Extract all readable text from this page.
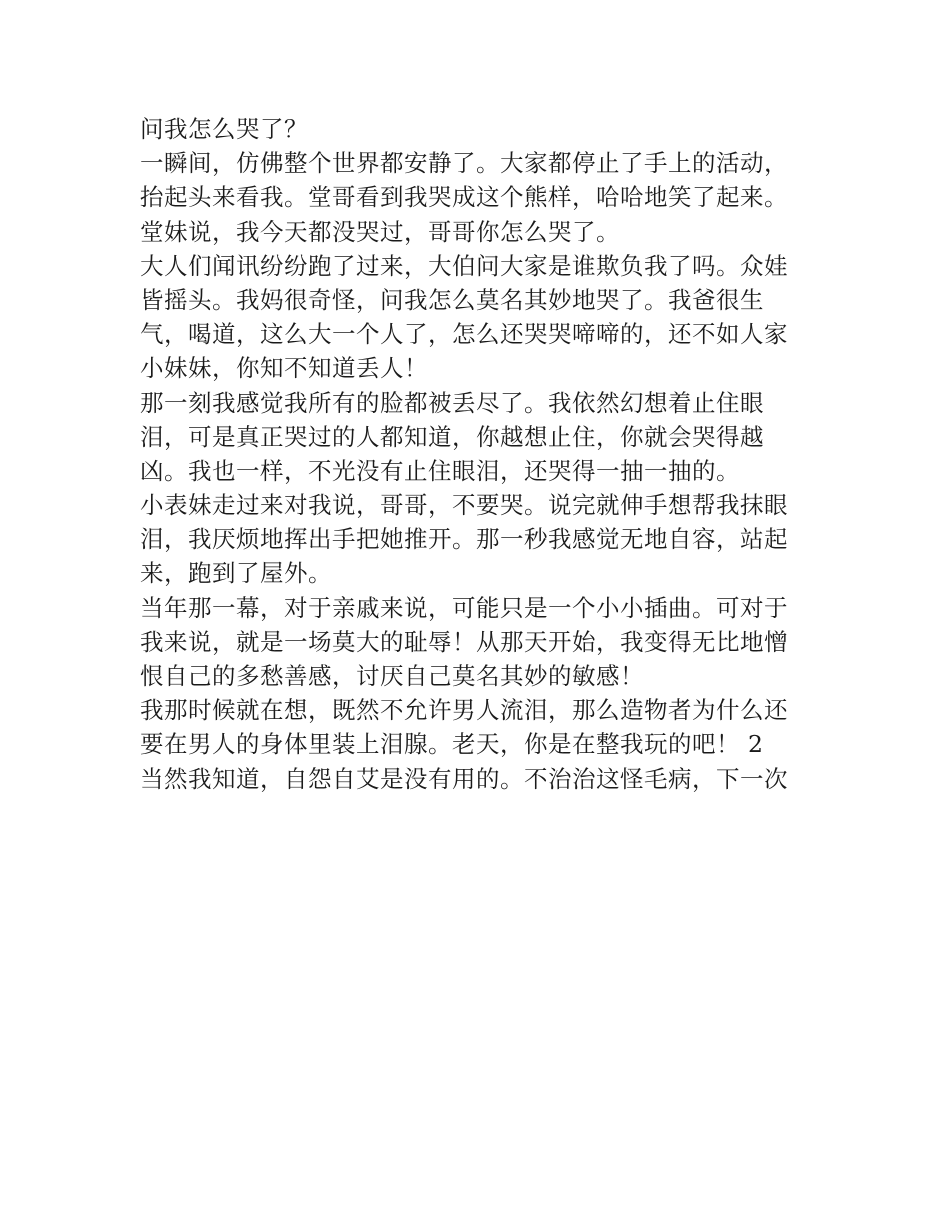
问我怎么哭了？
一瞬间，仿佛整个世界都安静了。大家都停止了手上的活动，
抬起头来看我。堂哥看到我哭成这个熊样，哈哈地笑了起来。
堂妹说，我今天都没哭过，哥哥你怎么哭了。
大人们闻讯纷纷跑了过来，大伯问大家是谁欺负我了吗。众娃
皆摇头。我妈很奇怪，问我怎么莫名其妙地哭了。我爸很生
气，喝道，这么大一个人了，怎么还哭哭啼啼的，还不如人家
小妹妹，你知不知道丢人！
那一刻我感觉我所有的脸都被丢尽了。我依然幻想着止住眼
泪，可是真正哭过的人都知道，你越想止住，你就会哭得越
凶。我也一样，不光没有止住眼泪，还哭得一抽一抽的。
小表妹走过来对我说，哥哥，不要哭。说完就伸手想帮我抹眼
泪，我厌烦地挥出手把她推开。那一秒我感觉无地自容，站起
来，跑到了屋外。
当年那一幕，对于亲戚来说，可能只是一个小小插曲。可对于
我来说，就是一场莫大的耻辱！从那天开始，我变得无比地憎
恨自己的多愁善感，讨厌自己莫名其妙的敏感！
我那时候就在想，既然不允许男人流泪，那么造物者为什么还
要在男人的身体里装上泪腺。老天，你是在整我玩的吧！ 2
当然我知道，自怨自艾是没有用的。不治治这怪毛病，下一次
